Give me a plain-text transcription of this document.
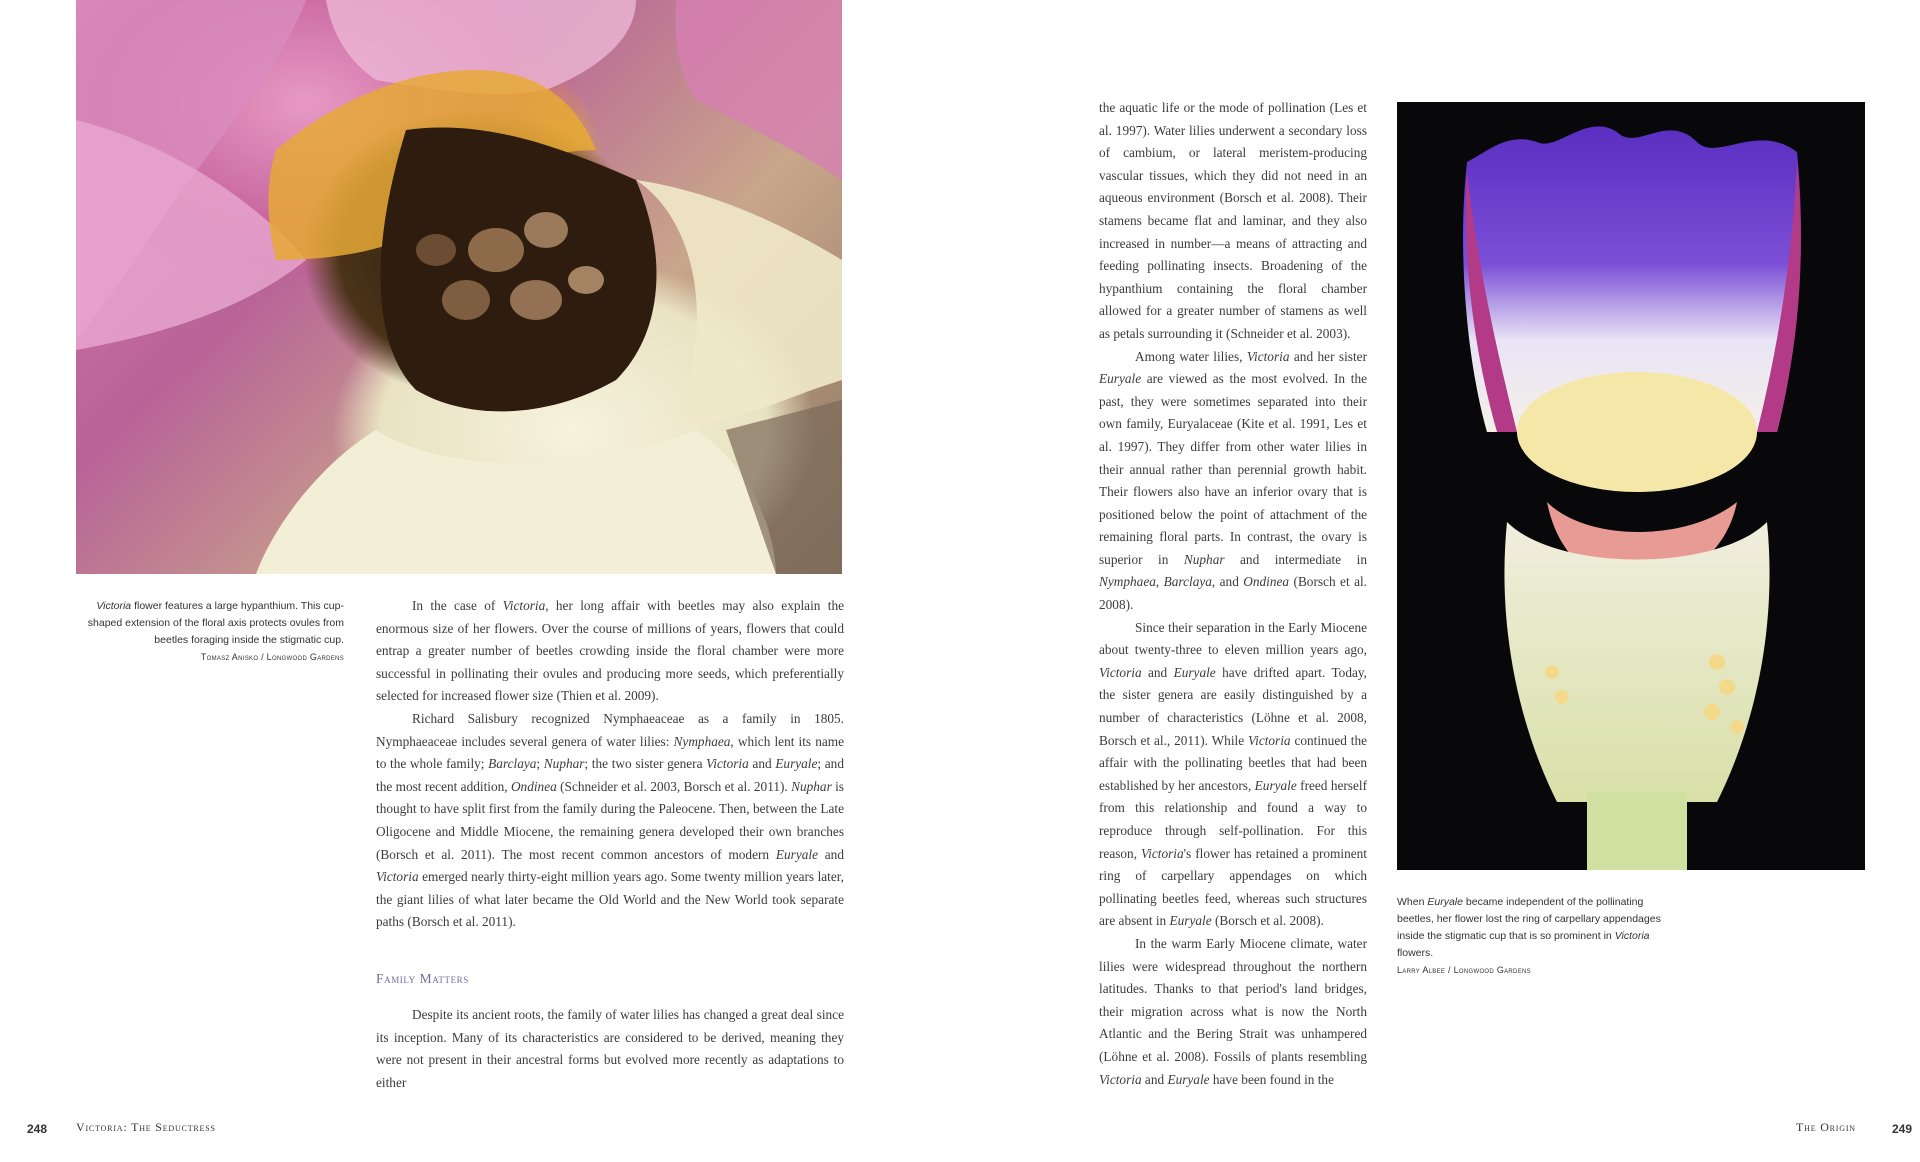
Victoria flower features a large hypanthium. This cup-shaped extension of the floral axis protects ovules from beetles foraging inside the stigmatic cup.
Tomasz Anisko / Longwood Gardens

In the case of Victoria, her long affair with beetles may also explain the enormous size of her flowers. Over the course of millions of years, flowers that could entrap a greater number of beetles crowding inside the floral chamber were more successful in pollinating their ovules and producing more seeds, which preferentially selected for increased flower size (Thien et al. 2009).

Richard Salisbury recognized Nymphaeaceae as a family in 1805. Nymphaeaceae includes several genera of water lilies: Nymphaea, which lent its name to the whole family; Barclaya; Nuphar; the two sister genera Victoria and Euryale; and the most recent addition, Ondinea (Schneider et al. 2003, Borsch et al. 2011). Nuphar is thought to have split first from the family during the Paleocene. Then, between the Late Oligocene and Middle Miocene, the remaining genera developed their own branches (Borsch et al. 2011). The most recent common ancestors of modern Euryale and Victoria emerged nearly thirty-eight million years ago. Some twenty million years later, the giant lilies of what later became the Old World and the New World took separate paths (Borsch et al. 2011).

Family Matters

Despite its ancient roots, the family of water lilies has changed a great deal since its inception. Many of its characteristics are considered to be derived, meaning they were not present in their ancestral forms but evolved more recently as adaptations to either

248 Victoria: The Seductress

the aquatic life or the mode of pollination (Les et al. 1997). Water lilies underwent a secondary loss of cambium, or lateral meristem-producing vascular tissues, which they did not need in an aqueous environment (Borsch et al. 2008). Their stamens became flat and laminar, and they also increased in number—a means of attracting and feeding pollinating insects. Broadening of the hypanthium containing the floral chamber allowed for a greater number of stamens as well as petals surrounding it (Schneider et al. 2003).

Among water lilies, Victoria and her sister Euryale are viewed as the most evolved. In the past, they were sometimes separated into their own family, Euryalaceae (Kite et al. 1991, Les et al. 1997). They differ from other water lilies in their annual rather than perennial growth habit. Their flowers also have an inferior ovary that is positioned below the point of attachment of the remaining floral parts. In contrast, the ovary is superior in Nuphar and intermediate in Nymphaea, Barclaya, and Ondinea (Borsch et al. 2008).

Since their separation in the Early Miocene about twenty-three to eleven million years ago, Victoria and Euryale have drifted apart. Today, the sister genera are easily distinguished by a number of characteristics (Löhne et al. 2008, Borsch et al., 2011). While Victoria continued the affair with the pollinating beetles that had been established by her ancestors, Euryale freed herself from this relationship and found a way to reproduce through self-pollination. For this reason, Victoria's flower has retained a prominent ring of carpellary appendages on which pollinating beetles feed, whereas such structures are absent in Euryale (Borsch et al. 2008).

In the warm Early Miocene climate, water lilies were widespread throughout the northern latitudes. Thanks to that period's land bridges, their migration across what is now the North Atlantic and the Bering Strait was unhampered (Löhne et al. 2008). Fossils of plants resembling Victoria and Euryale have been found in the

When Euryale became independent of the pollinating beetles, her flower lost the ring of carpellary appendages inside the stigmatic cup that is so prominent in Victoria flowers.
Larry Albee / Longwood Gardens
The Origin	249
